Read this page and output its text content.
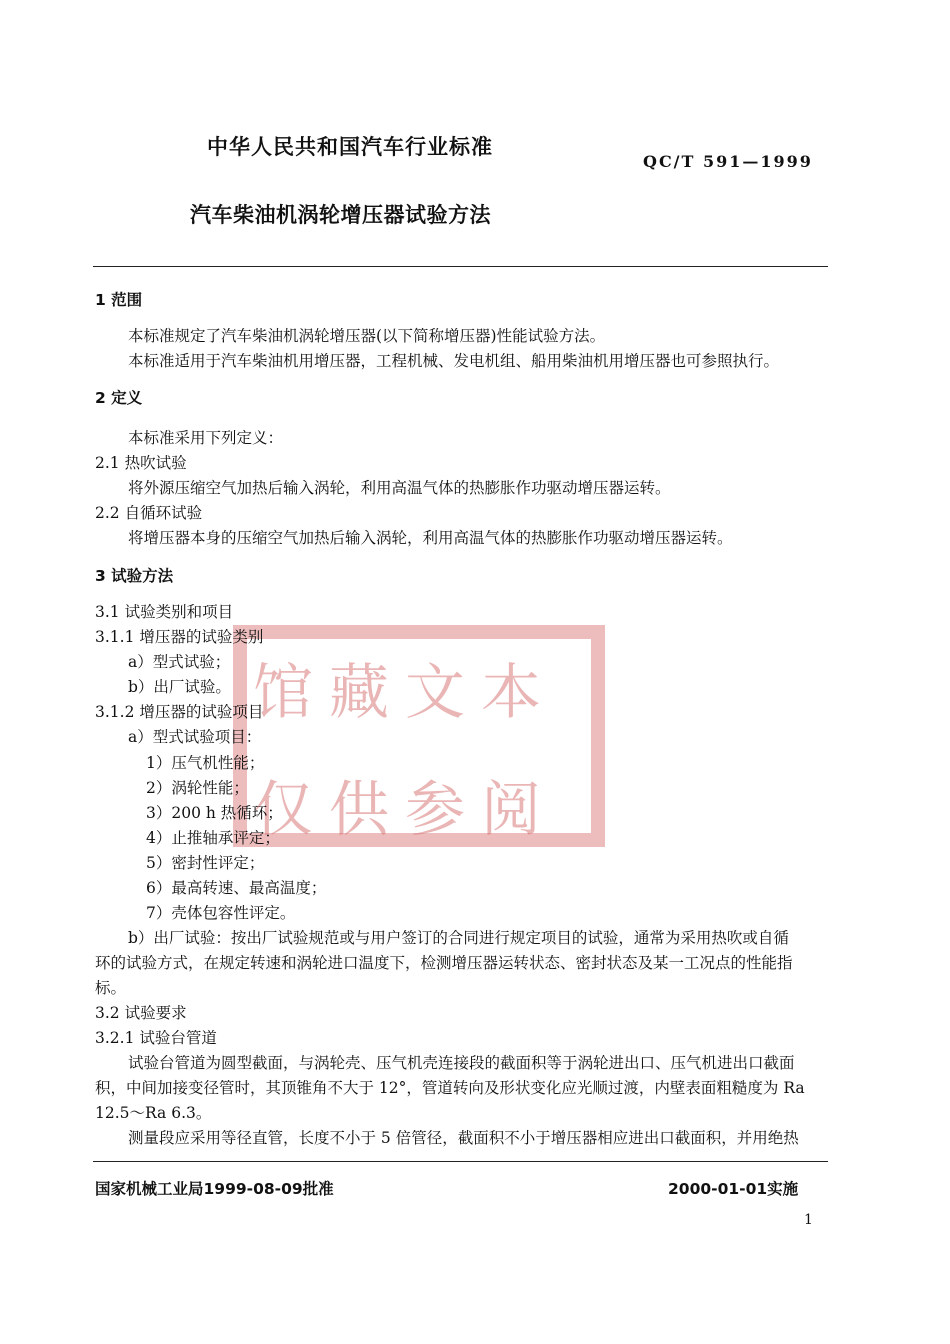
中华人民共和国汽车行业标准
QC/T 591—1999
汽车柴油机涡轮增压器试验方法
馆藏文本
仅供参阅
1 范围
本标准规定了汽车柴油机涡轮增压器(以下简称增压器)性能试验方法。
本标准适用于汽车柴油机用增压器，工程机械、发电机组、船用柴油机用增压器也可参照执行。
2 定义
本标准采用下列定义：
2.1 热吹试验
将外源压缩空气加热后输入涡轮，利用高温气体的热膨胀作功驱动增压器运转。
2.2 自循环试验
将增压器本身的压缩空气加热后输入涡轮，利用高温气体的热膨胀作功驱动增压器运转。
3 试验方法
3.1 试验类别和项目
3.1.1 增压器的试验类别
a）型式试验；
b）出厂试验。
3.1.2 增压器的试验项目
a）型式试验项目：
1）压气机性能；
2）涡轮性能；
3）200 h 热循环；
4）止推轴承评定；
5）密封性评定；
6）最高转速、最高温度；
7）壳体包容性评定。
b）出厂试验：按出厂试验规范或与用户签订的合同进行规定项目的试验，通常为采用热吹或自循
环的试验方式，在规定转速和涡轮进口温度下，检测增压器运转状态、密封状态及某一工况点的性能指
标。
3.2 试验要求
3.2.1 试验台管道
试验台管道为圆型截面，与涡轮壳、压气机壳连接段的截面积等于涡轮进出口、压气机进出口截面
积，中间加接变径管时，其顶锥角不大于 12°，管道转向及形状变化应光顺过渡，内壁表面粗糙度为 Ra
12.5～Ra 6.3。
测量段应采用等径直管，长度不小于 5 倍管径，截面积不小于增压器相应进出口截面积，并用绝热
国家机械工业局1999-08-09批准	2000-01-01实施
1
